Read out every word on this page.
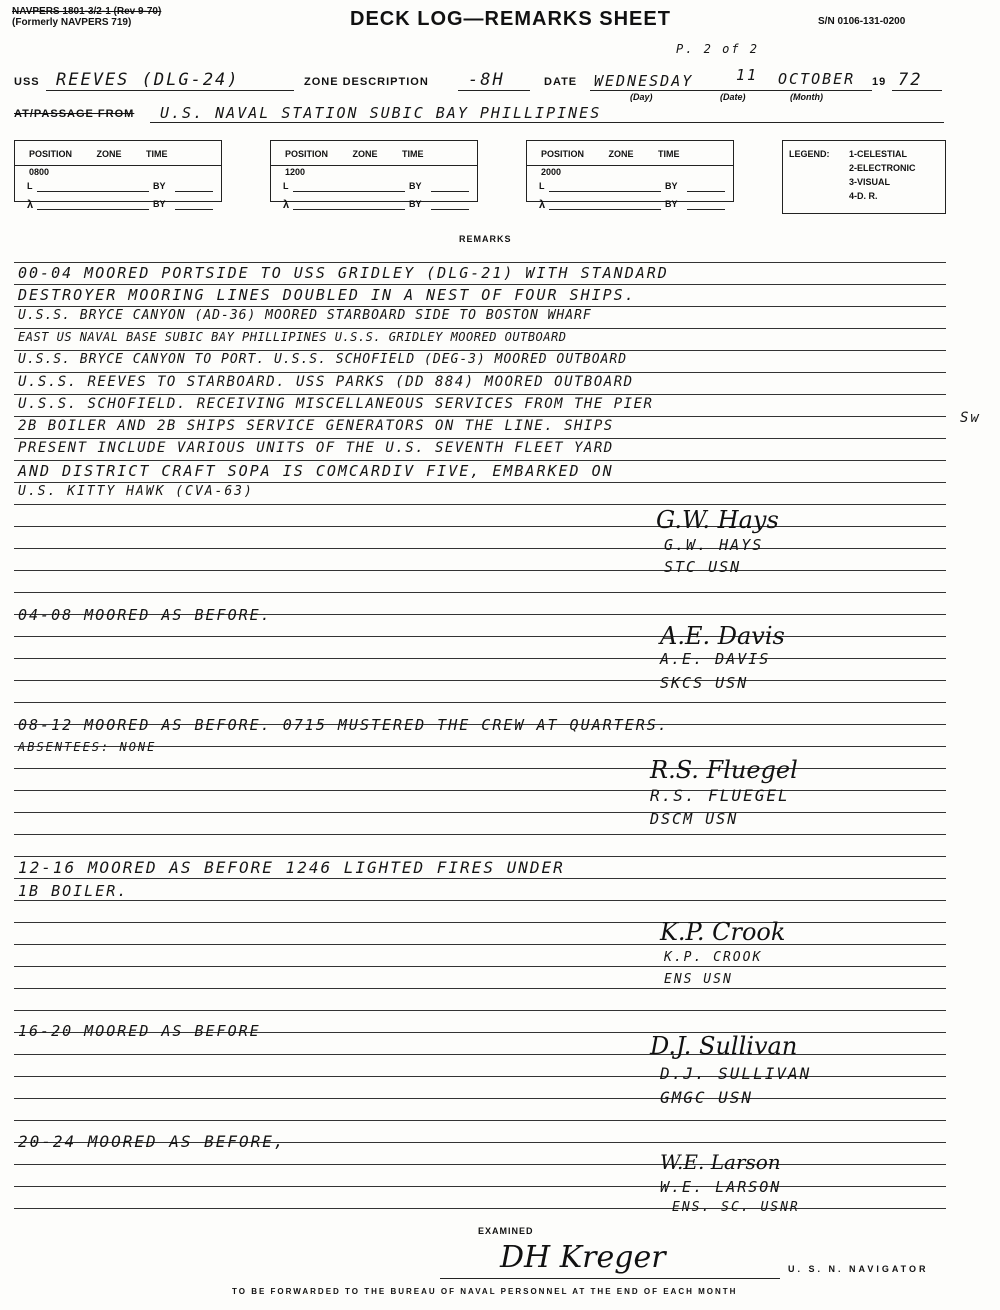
NAVPERS 1801-3/2-1 (Rev 9-70)
(Formerly NAVPERS 719)	DECK LOG—REMARKS SHEET	S/N 0106-131-0200
P. 2 of 2
USS REEVES (DLG-24)	ZONE DESCRIPTION -8H	DATE WEDNESDAY	11 OCTOBER 19 72
(Day)	(Date)	(Month)
AT/PASSAGE FROM U.S. NAVAL STATION SUBIC BAY PHILLIPINES
POSITION ZONE TIME
0800
L	BY
λ	BY
POSITION ZONE TIME
1200
L	BY
λ	BY
POSITION ZONE TIME
2000
L	BY
λ	BY
LEGEND: 1-CELESTIAL
2-ELECTRONIC
3-VISUAL
4-D. R.
REMARKS
00-04 MOORED PORTSIDE TO USS GRIDLEY (DLG-21) WITH STANDARD
DESTROYER MOORING LINES DOUBLED IN A NEST OF FOUR SHIPS.
U.S.S. BRYCE CANYON (AD-36) MOORED STARBOARD SIDE TO BOSTON WHARF
EAST US NAVAL BASE SUBIC BAY PHILLIPINES U.S.S. GRIDLEY MOORED OUTBOARD
U.S.S. BRYCE CANYON TO PORT. U.S.S. SCHOFIELD (DEG-3) MOORED OUTBOARD
U.S.S. REEVES TO STARBOARD. USS PARKS (DD 884) MOORED OUTBOARD
U.S.S. SCHOFIELD. RECEIVING MISCELLANEOUS SERVICES FROM THE PIER
2B BOILER AND 2B SHIPS SERVICE GENERATORS ON THE LINE. SHIPS
PRESENT INCLUDE VARIOUS UNITS OF THE U.S. SEVENTH FLEET YARD
AND DISTRICT CRAFT SOPA IS COMCARDIV FIVE, EMBARKED ON
U.S. KITTY HAWK (CVA-63)
G.W. Hays
G.W. HAYS
STC USN
04-08 MOORED AS BEFORE.
A.E. Davis
A.E. DAVIS
SKCS USN
08-12 MOORED AS BEFORE. 0715 MUSTERED THE CREW AT QUARTERS.
ABSENTEES: NONE
R.S. Fluegel
R.S. FLUEGEL
DSCM USN
12-16 MOORED AS BEFORE 1246 LIGHTED FIRES UNDER
1B BOILER.
K.P. Crook
K.P. CROOK
ENS USN
16-20 MOORED AS BEFORE
D.J. Sullivan
D.J. SULLIVAN
GMGC USN
20-24 MOORED AS BEFORE,
W.E. Larson
W.E. LARSON
ENS. SC. USNR
EXAMINED
DH Kreger	U. S. N. NAVIGATOR
TO BE FORWARDED TO THE BUREAU OF NAVAL PERSONNEL AT THE END OF EACH MONTH
Sw
